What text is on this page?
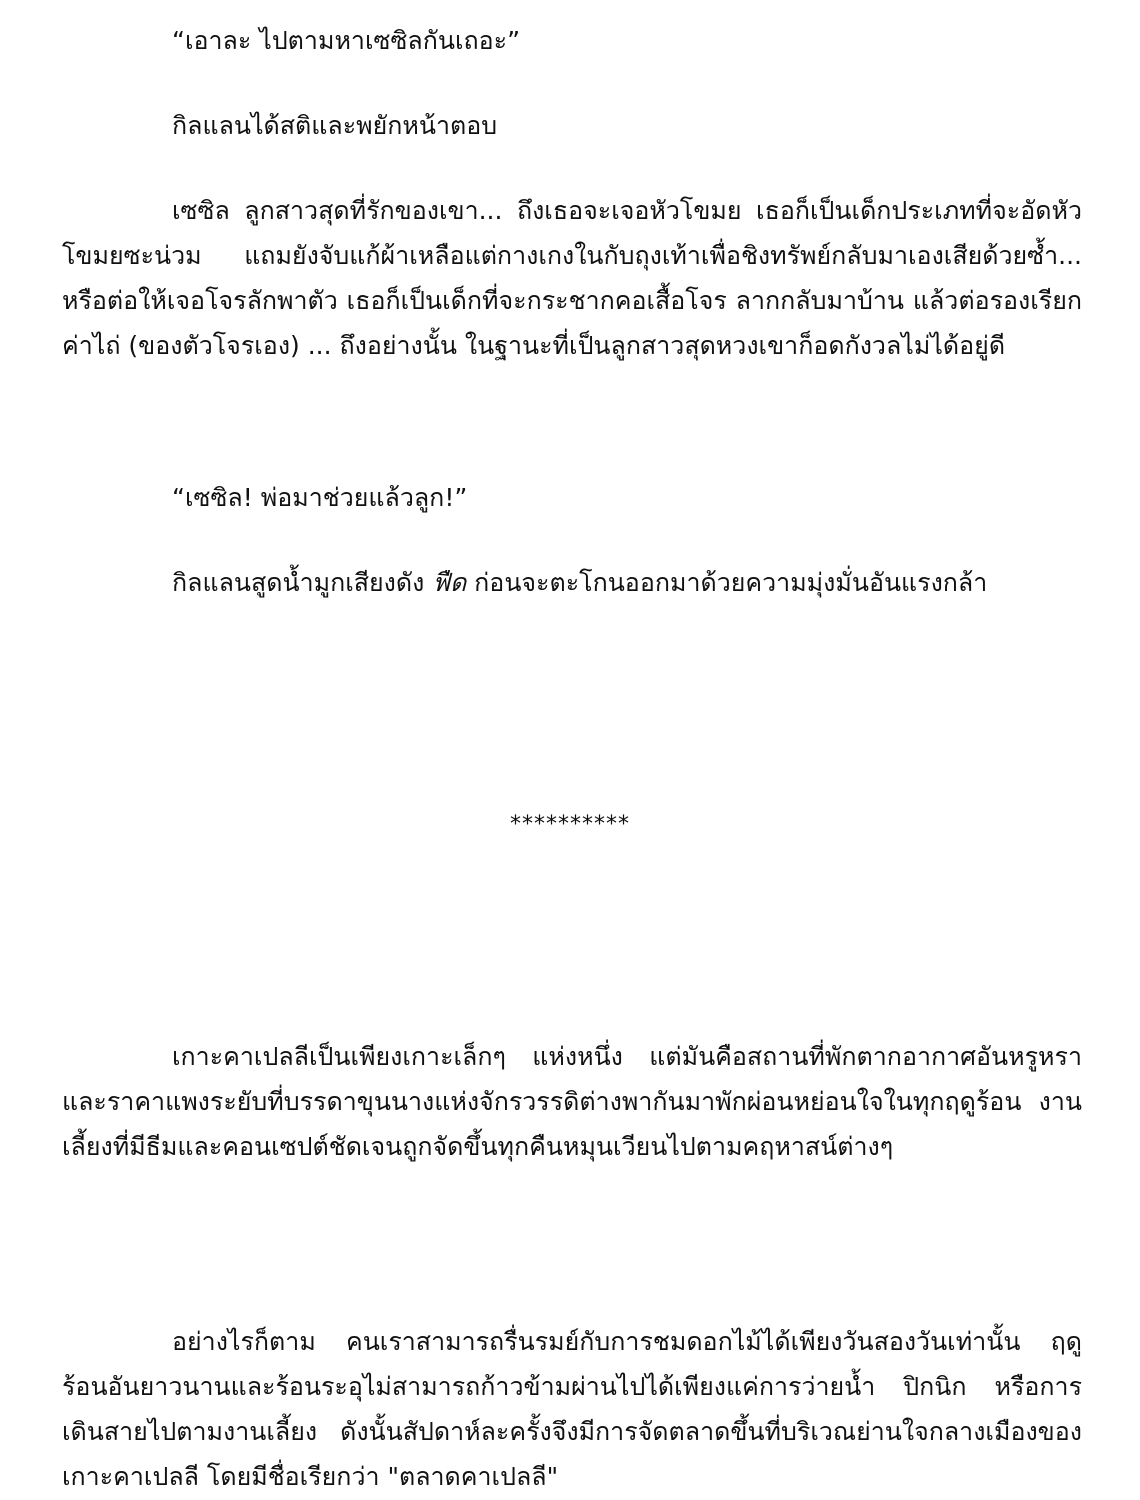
“เอาละ ไปตามหาเซซิลกันเถอะ”

กิลแลนได้สติและพยักหน้าตอบ

เซซิล ลูกสาวสุดที่รักของเขา... ถึงเธอจะเจอหัวโขมย เธอก็เป็นเด็กประเภทที่จะอัดหัวโขมยซะน่วม แถมยังจับแก้ผ้าเหลือแต่กางเกงในกับถุงเท้าเพื่อชิงทรัพย์กลับมาเองเสียด้วยซ้ำ... หรือต่อให้เจอโจรลักพาตัว เธอก็เป็นเด็กที่จะกระชากคอเสื้อโจร ลากกลับมาบ้าน แล้วต่อรองเรียกค่าไถ่ (ของตัวโจรเอง) ... ถึงอย่างนั้น ในฐานะที่เป็นลูกสาวสุดหวงเขาก็อดกังวลไม่ได้อยู่ดี

“เซซิล! พ่อมาช่วยแล้วลูก!”

กิลแลนสูดน้ำมูกเสียงดัง ฟืด ก่อนจะตะโกนออกมาด้วยความมุ่งมั่นอันแรงกล้า

**********

เกาะคาเปลลีเป็นเพียงเกาะเล็กๆ แห่งหนึ่ง แต่มันคือสถานที่พักตากอากาศอันหรูหราและราคาแพงระยับที่บรรดาขุนนางแห่งจักรวรรดิต่างพากันมาพักผ่อนหย่อนใจในทุกฤดูร้อน งานเลี้ยงที่มีธีมและคอนเซปต์ชัดเจนถูกจัดขึ้นทุกคืนหมุนเวียนไปตามคฤหาสน์ต่างๆ

อย่างไรก็ตาม คนเราสามารถรื่นรมย์กับการชมดอกไม้ได้เพียงวันสองวันเท่านั้น ฤดูร้อนอันยาวนานและร้อนระอุไม่สามารถก้าวข้ามผ่านไปได้เพียงแค่การว่ายน้ำ ปิกนิก หรือการเดินสายไปตามงานเลี้ยง ดังนั้นสัปดาห์ละครั้งจึงมีการจัดตลาดขึ้นที่บริเวณย่านใจกลางเมืองของเกาะคาเปลลี โดยมีชื่อเรียกว่า "ตลาดคาเปลลี"
